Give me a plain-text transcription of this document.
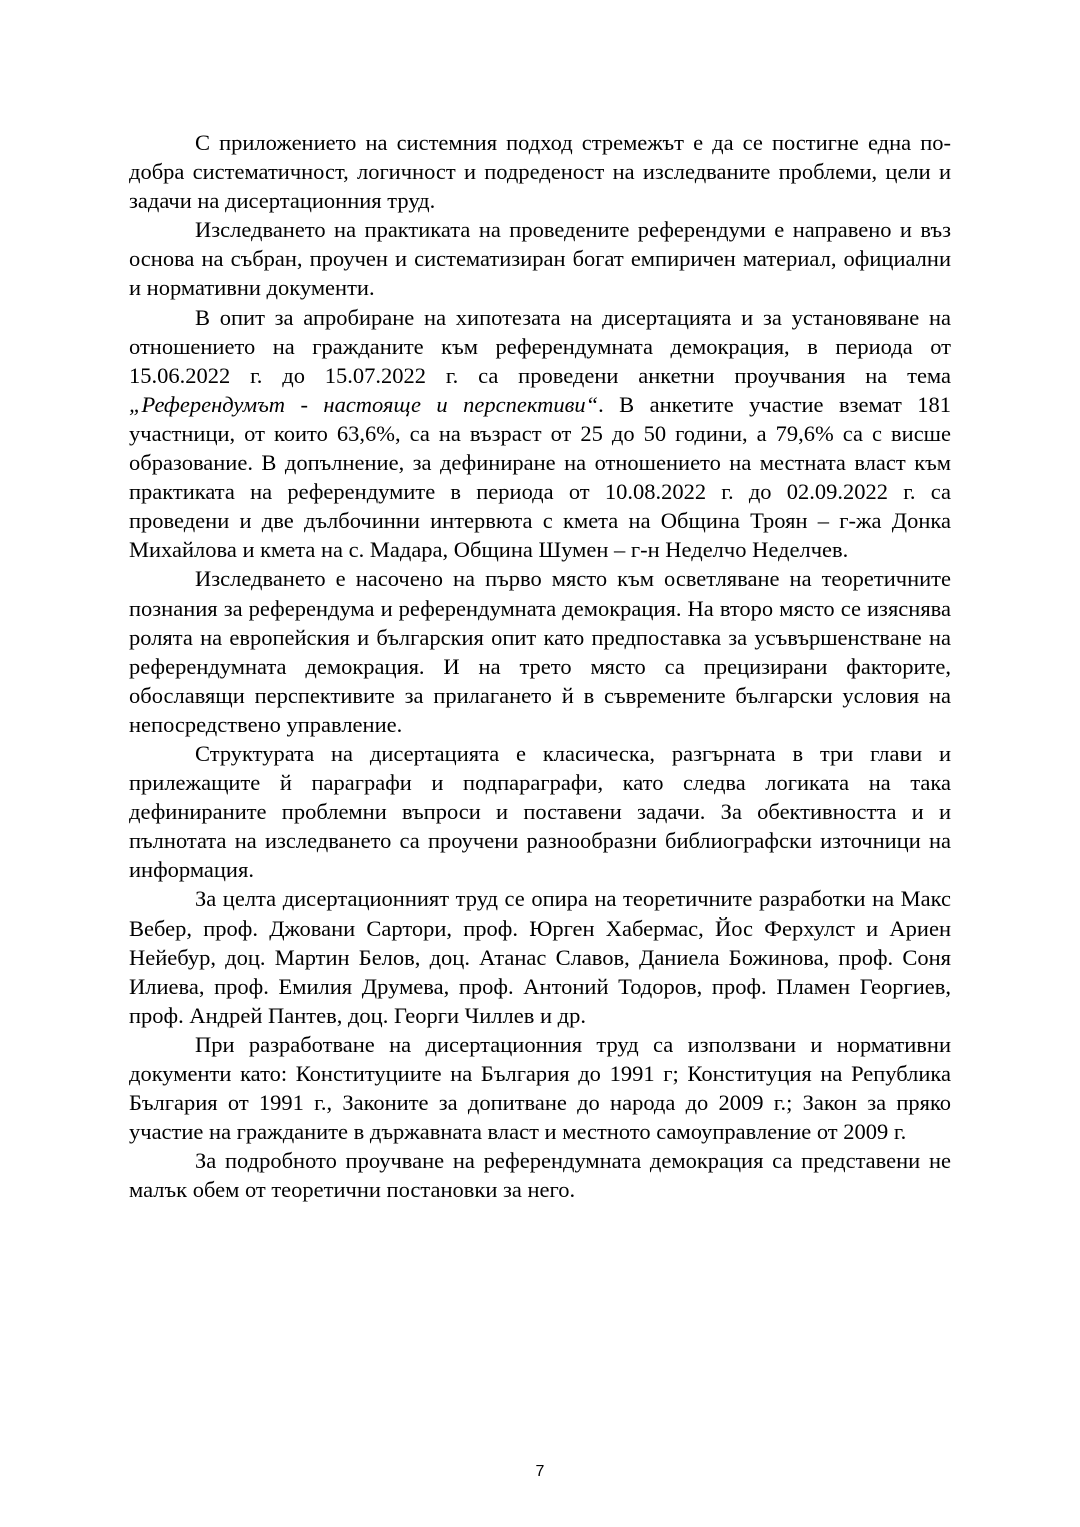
С приложението на системния подход стремежът е да се постигне една по-добра систематичност, логичност и подреденост на изследваните проблеми, цели и задачи на дисертационния труд.

Изследването на практиката на проведените референдуми е направено и въз основа на събран, проучен и систематизиран богат емпиричен материал, официални и нормативни документи.

В опит за апробиране на хипотезата на дисертацията и за установяване на отношението на гражданите към референдумната демокрация, в периода от 15.06.2022 г. до 15.07.2022 г. са проведени анкетни проучвания на тема „Референдумът - настояще и перспективи“. В анкетите участие вземат 181 участници, от които 63,6%, са на възраст от 25 до 50 години, а 79,6% са с висше образование. В допълнение, за дефиниране на отношението на местната власт към практиката на референдумите в периода от 10.08.2022 г. до 02.09.2022 г. са проведени и две дълбочинни интервюта с кмета на Община Троян – г-жа Донка Михайлова и кмета на с. Мадара, Община Шумен – г-н Неделчо Неделчев.

Изследването е насочено на първо място към осветляване на теоретичните познания за референдума и референдумната демокрация. На второ място се изяснява ролята на европейския и българския опит като предпоставка за усъвършенстване на референдумната демокрация. И на трето място са прецизирани факторите, обославящи перспективите за прилагането й в съвремените български условия на непосредствено управление.

Структурата на дисертацията е класическа, разгърната в три глави и прилежащите й параграфи и подпараграфи, като следва логиката на така дефинираните проблемни въпроси и поставени задачи. За обективността и и пълнотата на изследването са проучени разнообразни библиографски източници на информация.

За целта дисертационният труд се опира на теоретичните разработки на Макс Вебер, проф. Джовани Сартори, проф. Юрген Хабермас, Йос Ферхулст и Ариен Нейебур, доц. Мартин Белов, доц. Атанас Славов, Даниела Божинова, проф. Соня Илиева, проф. Емилия Друмева, проф. Антоний Тодоров, проф. Пламен Георгиев, проф. Андрей Пантев, доц. Георги Чиллев и др.

При разработване на дисертационния труд са използвани и нормативни документи като: Конституциите на България до 1991 г; Конституция на Република България от 1991 г., Законите за допитване до народа до 2009 г.; Закон за пряко участие на гражданите в държавната власт и местното самоуправление от 2009 г.

За подробното проучване на референдумната демокрация са представени не малък обем от теоретични постановки за него.

7
